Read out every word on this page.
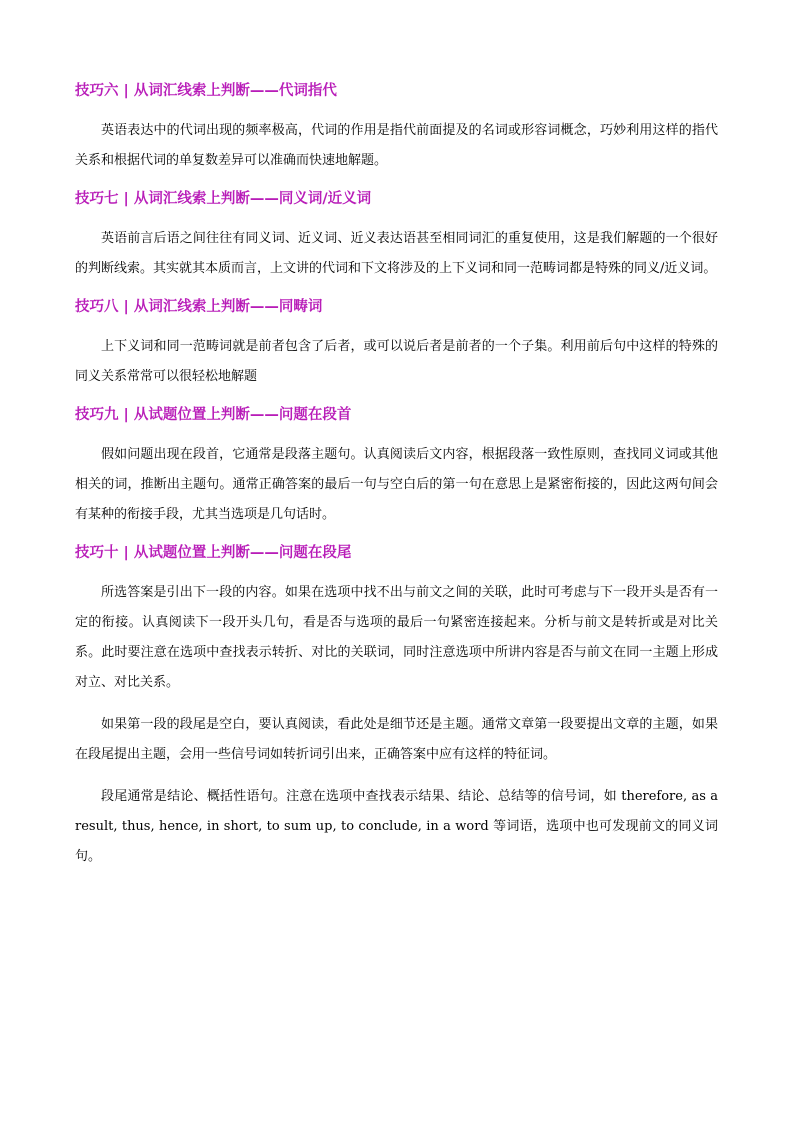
技巧六 | 从词汇线索上判断——代词指代

英语表达中的代词出现的频率极高，代词的作用是指代前面提及的名词或形容词概念，巧妙利用这样的指代关系和根据代词的单复数差异可以准确而快速地解题。

技巧七 | 从词汇线索上判断——同义词/近义词

英语前言后语之间往往有同义词、近义词、近义表达语甚至相同词汇的重复使用，这是我们解题的一个很好的判断线索。其实就其本质而言，上文讲的代词和下文将涉及的上下义词和同一范畴词都是特殊的同义/近义词。

技巧八 | 从词汇线索上判断——同畴词

上下义词和同一范畴词就是前者包含了后者，或可以说后者是前者的一个子集。利用前后句中这样的特殊的同义关系常常可以很轻松地解题

技巧九 | 从试题位置上判断——问题在段首

假如问题出现在段首，它通常是段落主题句。认真阅读后文内容，根据段落一致性原则，查找同义词或其他相关的词，推断出主题句。通常正确答案的最后一句与空白后的第一句在意思上是紧密衔接的，因此这两句间会有某种的衔接手段，尤其当选项是几句话时。

技巧十 | 从试题位置上判断——问题在段尾

所选答案是引出下一段的内容。如果在选项中找不出与前文之间的关联，此时可考虑与下一段开头是否有一定的衔接。认真阅读下一段开头几句，看是否与选项的最后一句紧密连接起来。分析与前文是转折或是对比关系。此时要注意在选项中查找表示转折、对比的关联词，同时注意选项中所讲内容是否与前文在同一主题上形成对立、对比关系。

如果第一段的段尾是空白，要认真阅读，看此处是细节还是主题。通常文章第一段要提出文章的主题，如果在段尾提出主题，会用一些信号词如转折词引出来，正确答案中应有这样的特征词。

段尾通常是结论、概括性语句。注意在选项中查找表示结果、结论、总结等的信号词，如 therefore, as a result, thus, hence, in short, to sum up, to conclude, in a word 等词语，选项中也可发现前文的同义词句。
